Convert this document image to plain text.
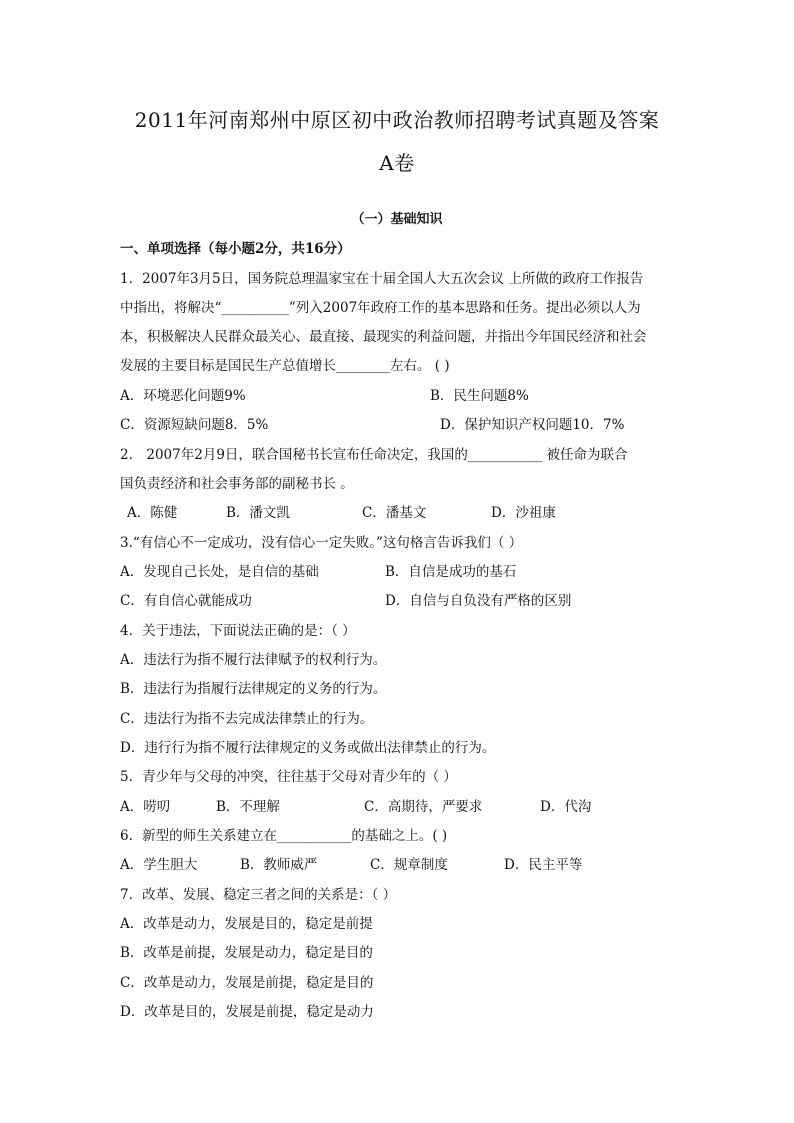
2011年河南郑州中原区初中政治教师招聘考试真题及答案
A卷
（一）基础知识
一、单项选择（每小题2分，共16分）
1．2007年3月5日，国务院总理温家宝在十届全国人大五次会议 上所做的政府工作报告
中指出，将解决“__________”列入2007年政府工作的基本思路和任务。提出必须以人为
本，积极解决人民群众最关心、最直接、最现实的利益问题，并指出今年国民经济和社会
发展的主要目标是国民生产总值增长________左右。 ( )
A．环境恶化问题9%	B．民生问题8%
C．资源短缺问题8．5%	D．保护知识产权问题10．7%
2． 2007年2月9日，联合国秘书长宣布任命决定，我国的___________ 被任命为联合
国负责经济和社会事务部的副秘书长 。
A．陈健	B．潘文凯	C．潘基文	D．沙祖康
3.“有信心不一定成功，没有信心一定失败。”这句格言告诉我们（ ）
A．发现自己长处，是自信的基础	B．自信是成功的基石
C．有自信心就能成功	D．自信与自负没有严格的区别
4．关于违法，下面说法正确的是：（ ）
A．违法行为指不履行法律赋予的权利行为。
B．违法行为指履行法律规定的义务的行为。
C．违法行为指不去完成法律禁止的行为。
D．违行行为指不履行法律规定的义务或做出法律禁止的行为。
5．青少年与父母的冲突，往往基于父母对青少年的（ ）
A．唠叨	B．不理解	C．高期待，严要求	D．代沟
6．新型的师生关系建立在___________的基础之上。( )
A．学生胆大	B．教师威严	C．规章制度	D．民主平等
7．改革、发展、稳定三者之间的关系是：（ ）
A．改革是动力，发展是目的，稳定是前提
B．改革是前提，发展是动力，稳定是目的
C．改革是动力，发展是前提，稳定是目的
D．改革是目的，发展是前提，稳定是动力
